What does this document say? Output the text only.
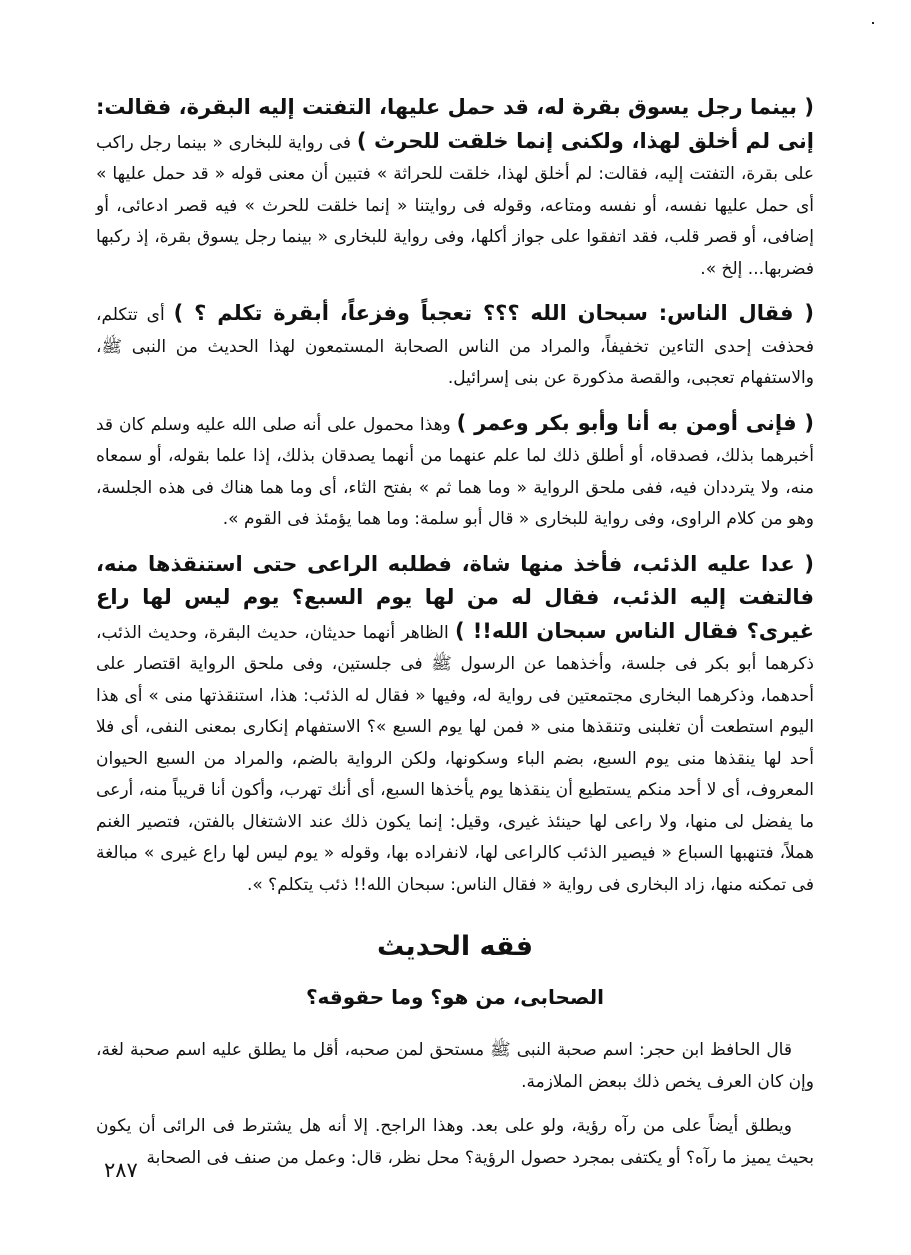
( بينما رجل يسوق بقرة له، قد حمل عليها، التفتت إليه البقرة، فقالت: إنى لم أخلق لهذا، ولكنى إنما خلقت للحرث ) فى رواية للبخارى « بينما رجل راكب على بقرة، التفتت إليه، فقالت: لم أخلق لهذا، خلقت للحراثة » فتبين أن معنى قوله « قد حمل عليها » أى حمل عليها نفسه، أو نفسه ومتاعه، وقوله فى روايتنا « إنما خلقت للحرث » فيه قصر ادعائى، أو إضافى، أو قصر قلب، فقد اتفقوا على جواز أكلها، وفى رواية للبخارى « بينما رجل يسوق بقرة، إذ ركبها فضربها... إلخ ».

( فقال الناس: سبحان الله ؟؟؟ تعجباً وفزعاً، أبقرة تكلم ؟ ) أى تتكلم، فحذفت إحدى التاءين تخفيفاً، والمراد من الناس الصحابة المستمعون لهذا الحديث من النبى ﷺ، والاستفهام تعجبى، والقصة مذكورة عن بنى إسرائيل.

( فإنى أومن به أنا وأبو بكر وعمر ) وهذا محمول على أنه صلى الله عليه وسلم كان قد أخبرهما بذلك، فصدقاه، أو أطلق ذلك لما علم عنهما من أنهما يصدقان بذلك، إذا علما بقوله، أو سمعاه منه، ولا يترددان فيه، ففى ملحق الرواية « وما هما ثم » بفتح الثاء، أى وما هما هناك فى هذه الجلسة، وهو من كلام الراوى، وفى رواية للبخارى « قال أبو سلمة: وما هما يؤمئذ فى القوم ».

( عدا عليه الذئب، فأخذ منها شاة، فطلبه الراعى حتى استنقذها منه، فالتفت إليه الذئب، فقال له من لها يوم السبع؟ يوم ليس لها راع غيرى؟ فقال الناس سبحان الله!! ) الظاهر أنهما حديثان، حديث البقرة، وحديث الذئب، ذكرهما أبو بكر فى جلسة، وأخذهما عن الرسول ﷺ فى جلستين، وفى ملحق الرواية اقتصار على أحدهما، وذكرهما البخارى مجتمعتين فى رواية له، وفيها « فقال له الذئب: هذا، استنقذتها منى » أى هذا اليوم استطعت أن تغلبنى وتنقذها منى « فمن لها يوم السبع »؟ الاستفهام إنكارى بمعنى النفى، أى فلا أحد لها ينقذها منى يوم السبع، بضم الباء وسكونها، ولكن الرواية بالضم، والمراد من السبع الحيوان المعروف، أى لا أحد منكم يستطيع أن ينقذها يوم يأخذها السبع، أى أنك تهرب، وأكون أنا قريباً منه، أرعى ما يفضل لى منها، ولا راعى لها حينئذ غيرى، وقيل: إنما يكون ذلك عند الاشتغال بالفتن، فتصير الغنم هملاً، فتنهبها السباع « فيصير الذئب كالراعى لها، لانفراده بها، وقوله « يوم ليس لها راع غيرى » مبالغة فى تمكنه منها، زاد البخارى فى رواية « فقال الناس: سبحان الله!! ذئب يتكلم؟ ».

فقه الحديث
الصحابى، من هو؟ وما حقوقه؟

قال الحافظ ابن حجر: اسم صحبة النبى ﷺ مستحق لمن صحبه، أقل ما يطلق عليه اسم صحبة لغة، وإن كان العرف يخص ذلك ببعض الملازمة.

ويطلق أيضاً على من رآه رؤية، ولو على بعد. وهذا الراجح. إلا أنه هل يشترط فى الرائى أن يكون بحيث يميز ما رآه؟ أو يكتفى بمجرد حصول الرؤية؟ محل نظر، قال: وعمل من صنف فى الصحابة

٢٨٧
